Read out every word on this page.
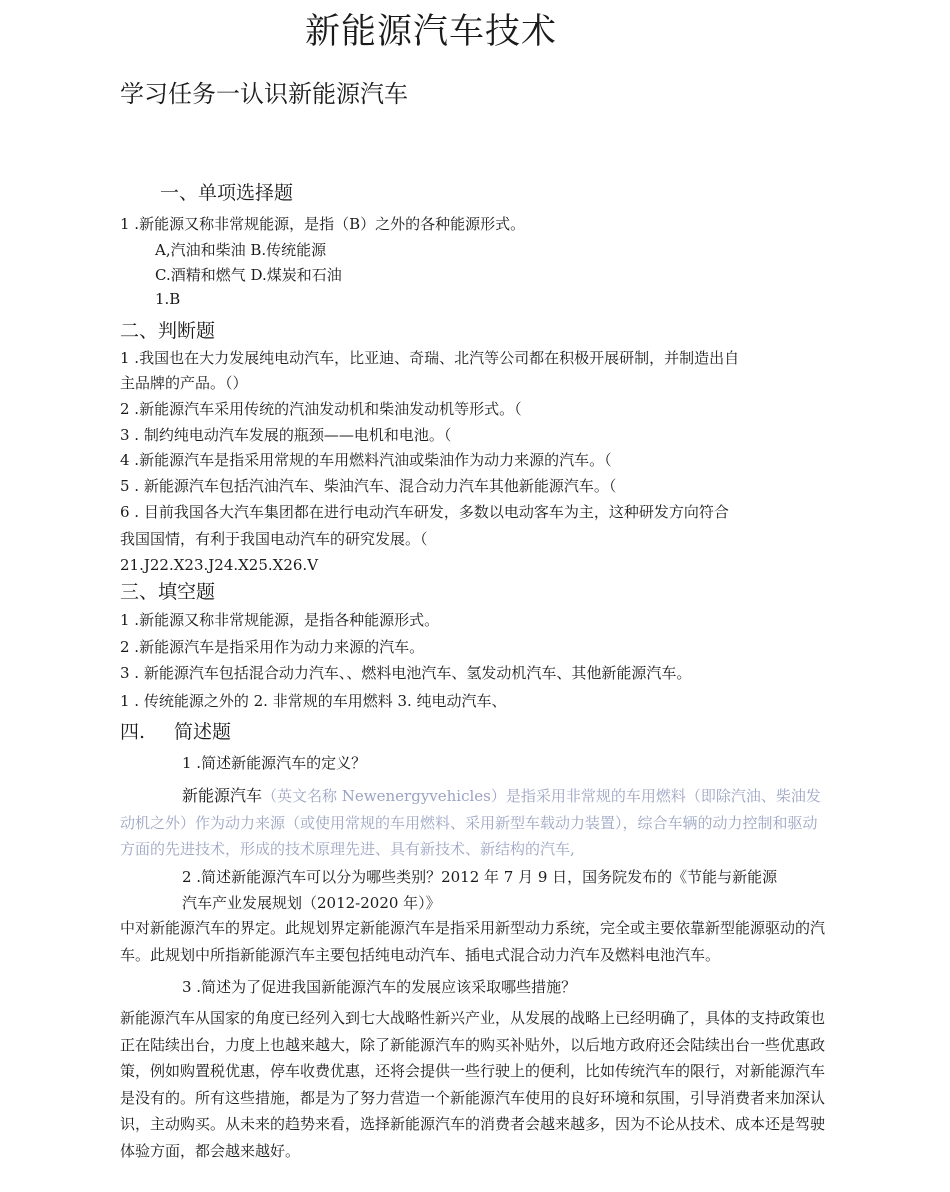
新能源汽车技术
学习任务一认识新能源汽车
一、单项选择题
1 .新能源又称非常规能源，是指（B）之外的各种能源形式。
A,汽油和柴油 B.传统能源
C.酒精和燃气 D.煤炭和石油
1.B
二、判断题
1 .我国也在大力发展纯电动汽车，比亚迪、奇瑞、北汽等公司都在积极开展研制，并制造出自
主品牌的产品。（）
2 .新能源汽车采用传统的汽油发动机和柴油发动机等形式。（
3 . 制约纯电动汽车发展的瓶颈——电机和电池。（
4 .新能源汽车是指采用常规的车用燃料汽油或柴油作为动力来源的汽车。（
5 . 新能源汽车包括汽油汽车、柴油汽车、混合动力汽车其他新能源汽车。（
6 . 目前我国各大汽车集团都在进行电动汽车研发，多数以电动客车为主，这种研发方向符合
我国国情，有利于我国电动汽车的研究发展。（
21.J22.X23.J24.X25.X26.V
三、填空题
1 .新能源又称非常规能源，是指各种能源形式。
2 .新能源汽车是指采用作为动力来源的汽车。
3 . 新能源汽车包括混合动力汽车、、燃料电池汽车、氢发动机汽车、其他新能源汽车。
1 . 传统能源之外的 2. 非常规的车用燃料 3. 纯电动汽车、
四. 简述题
1 .简述新能源汽车的定义？
新能源汽车（英文名称 Newenergyvehicles）是指采用非常规的车用燃料（即除汽油、柴油发动机之外）作为动力来源（或使用常规的车用燃料、采用新型车载动力装置），综合车辆的动力控制和驱动方面的先进技术，形成的技术原理先进、具有新技术、新结构的汽车,
2 .简述新能源汽车可以分为哪些类别？2012 年 7 月 9 日，国务院发布的《节能与新能源
汽车产业发展规划（2012-2020 年）》
中对新能源汽车的界定。此规划界定新能源汽车是指采用新型动力系统，完全或主要依靠新型能源驱动的汽车。此规划中所指新能源汽车主要包括纯电动汽车、插电式混合动力汽车及燃料电池汽车。
3 .简述为了促进我国新能源汽车的发展应该采取哪些措施？
新能源汽车从国家的角度已经列入到七大战略性新兴产业，从发展的战略上已经明确了，具体的支持政策也正在陆续出台，力度上也越来越大，除了新能源汽车的购买补贴外，以后地方政府还会陆续出台一些优惠政策，例如购置税优惠，停车收费优惠，还将会提供一些行驶上的便利，比如传统汽车的限行，对新能源汽车是没有的。所有这些措施，都是为了努力营造一个新能源汽车使用的良好环境和氛围，引导消费者来加深认识，主动购买。从未来的趋势来看，选择新能源汽车的消费者会越来越多，因为不论从技术、成本还是驾驶体验方面，都会越来越好。
